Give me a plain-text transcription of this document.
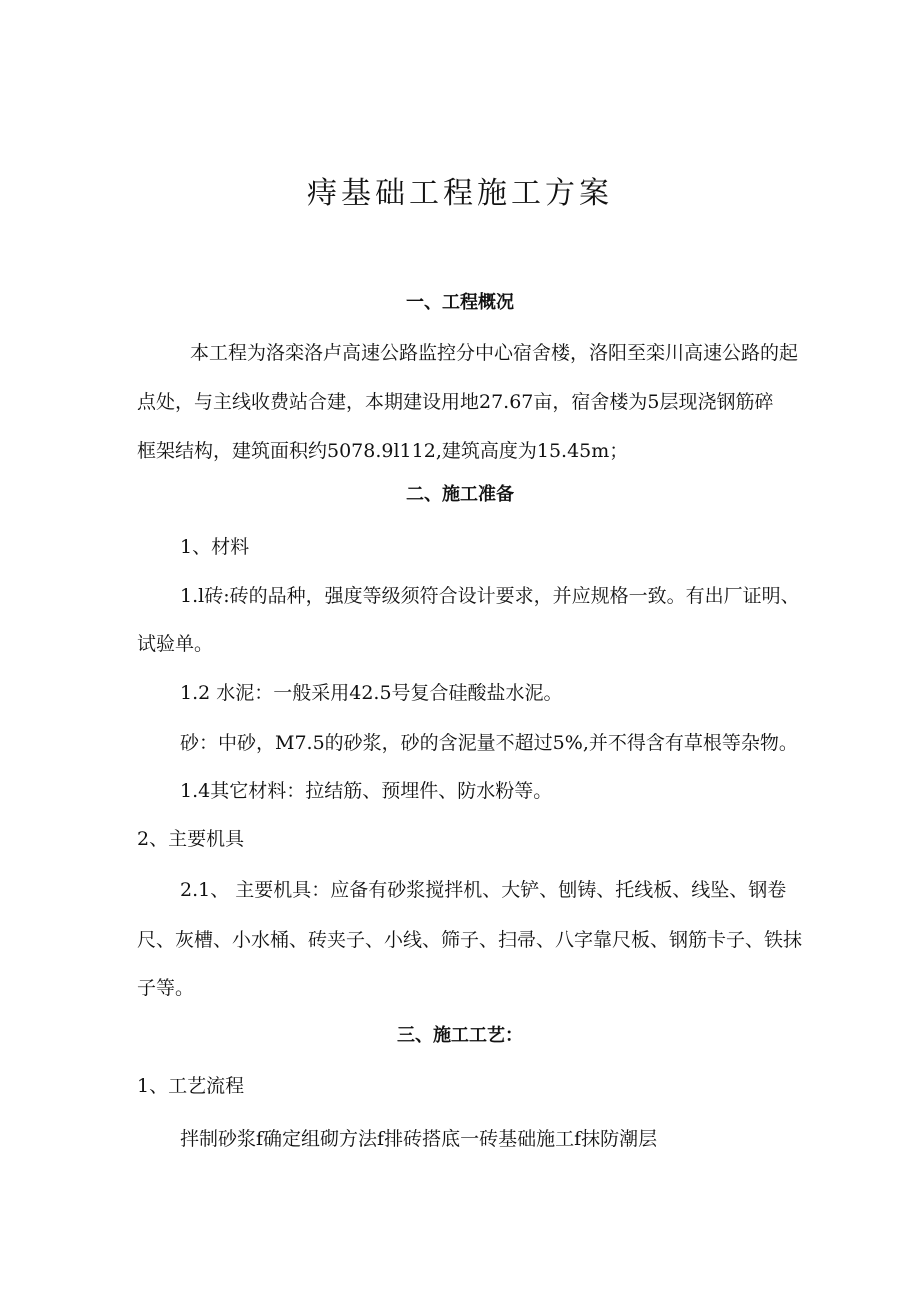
痔基础工程施工方案
一、工程概况
本工程为洛栾洛卢高速公路监控分中心宿舍楼，洛阳至栾川高速公路的起
点处，与主线收费站合建，本期建设用地27.67亩，宿舍楼为5层现浇钢筋碎
框架结构，建筑面积约5078.9l112,建筑高度为15.45m；
二、施工准备
1、材料
1.l砖:砖的品种，强度等级须符合设计要求，并应规格一致。有出厂证明、
试验单。
1.2 水泥：一般采用42.5号复合硅酸盐水泥。
砂：中砂，M7.5的砂浆，砂的含泥量不超过5%,并不得含有草根等杂物。
1.4其它材料：拉结筋、预埋件、防水粉等。
2、主要机具
2.1、 主要机具：应备有砂浆搅拌机、大铲、刨铸、托线板、线坠、钢卷
尺、灰槽、小水桶、砖夹子、小线、筛子、扫帚、八字靠尺板、钢筋卡子、铁抹
子等。
三、施工工艺：
1、工艺流程
拌制砂浆f确定组砌方法f排砖搭底一砖基础施工f抹防潮层
